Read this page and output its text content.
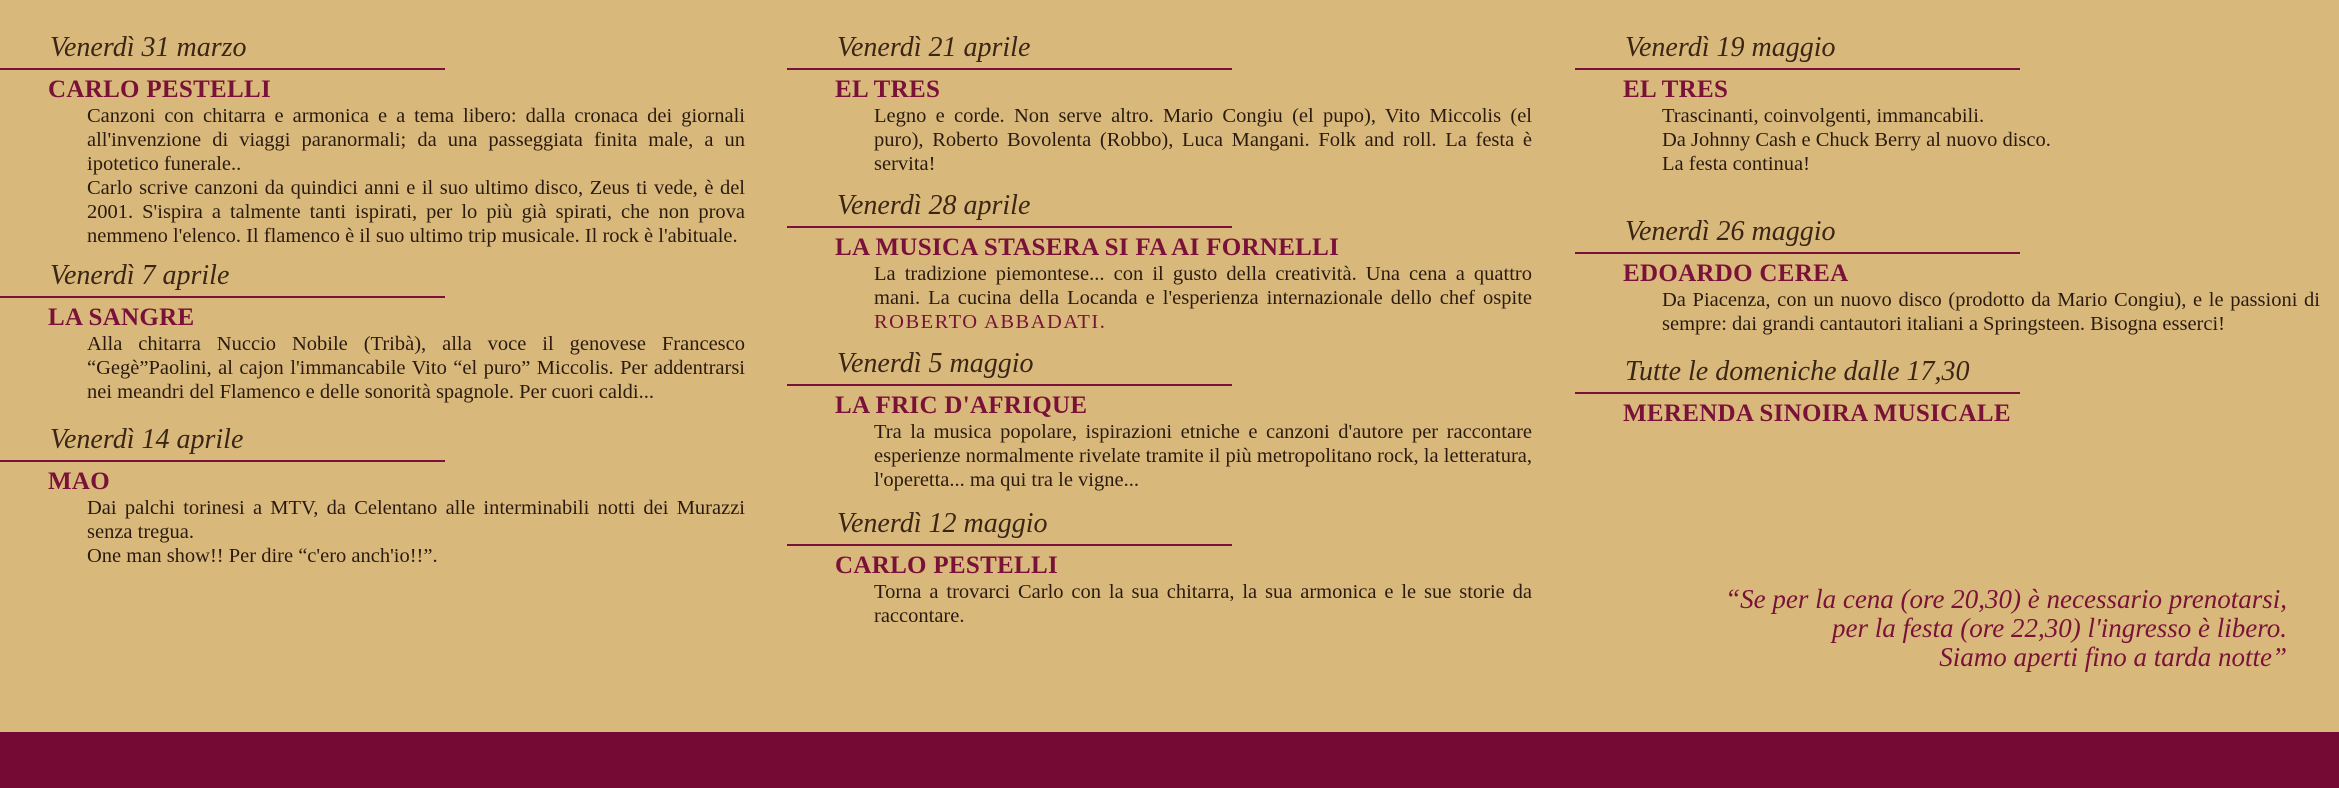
Venerdì 31 marzo
CARLO PESTELLI

Canzoni con chitarra e armonica e a tema libero: dalla cronaca dei giornali all'invenzione di viaggi paranormali; da una passeggiata finita male, a un ipotetico funerale..

Carlo scrive canzoni da quindici anni e il suo ultimo disco, Zeus ti vede, è del 2001. S'ispira a talmente tanti ispirati, per lo più già spirati, che non prova nemmeno l'elenco. Il flamenco è il suo ultimo trip musicale. Il rock è l'abituale.

Venerdì 7 aprile
LA SANGRE

Alla chitarra Nuccio Nobile (Tribà), alla voce il genovese Francesco “Gegè”Paolini, al cajon l'immancabile Vito “el puro” Miccolis. Per addentrarsi nei meandri del Flamenco e delle sonorità spagnole. Per cuori caldi...

Venerdì 14 aprile
MAO

Dai palchi torinesi a MTV, da Celentano alle interminabili notti dei Murazzi senza tregua.

One man show!! Per dire “c'ero anch'io!!”.

Venerdì 21 aprile
EL TRES

Legno e corde. Non serve altro. Mario Congiu (el pupo), Vito Miccolis (el puro), Roberto Bovolenta (Robbo), Luca Mangani. Folk and roll. La festa è servita!

Venerdì 28 aprile
LA MUSICA STASERA SI FA AI FORNELLI

La tradizione piemontese... con il gusto della creatività. Una cena a quattro mani. La cucina della Locanda e l'esperienza internazionale dello chef ospite ROBERTO ABBADATI.

Venerdì 5 maggio
LA FRIC D'AFRIQUE

Tra la musica popolare, ispirazioni etniche e canzoni d'autore per raccontare esperienze normalmente rivelate tramite il più metropolitano rock, la letteratura, l'operetta... ma qui tra le vigne...

Venerdì 12 maggio
CARLO PESTELLI

Torna a trovarci Carlo con la sua chitarra, la sua armonica e le sue storie da raccontare.

Venerdì 19 maggio
EL TRES

Trascinanti, coinvolgenti, immancabili.

Da Johnny Cash e Chuck Berry al nuovo disco.

La festa continua!

Venerdì 26 maggio
EDOARDO CEREA

Da Piacenza, con un nuovo disco (prodotto da Mario Congiu), e le passioni di sempre: dai grandi cantautori italiani a Springsteen. Bisogna esserci!

Tutte le domeniche dalle 17,30
MERENDA SINOIRA MUSICALE
“Se per la cena (ore 20,30) è necessario prenotarsi,
per la festa (ore 22,30) l'ingresso è libero.
Siamo aperti fino a tarda notte”
